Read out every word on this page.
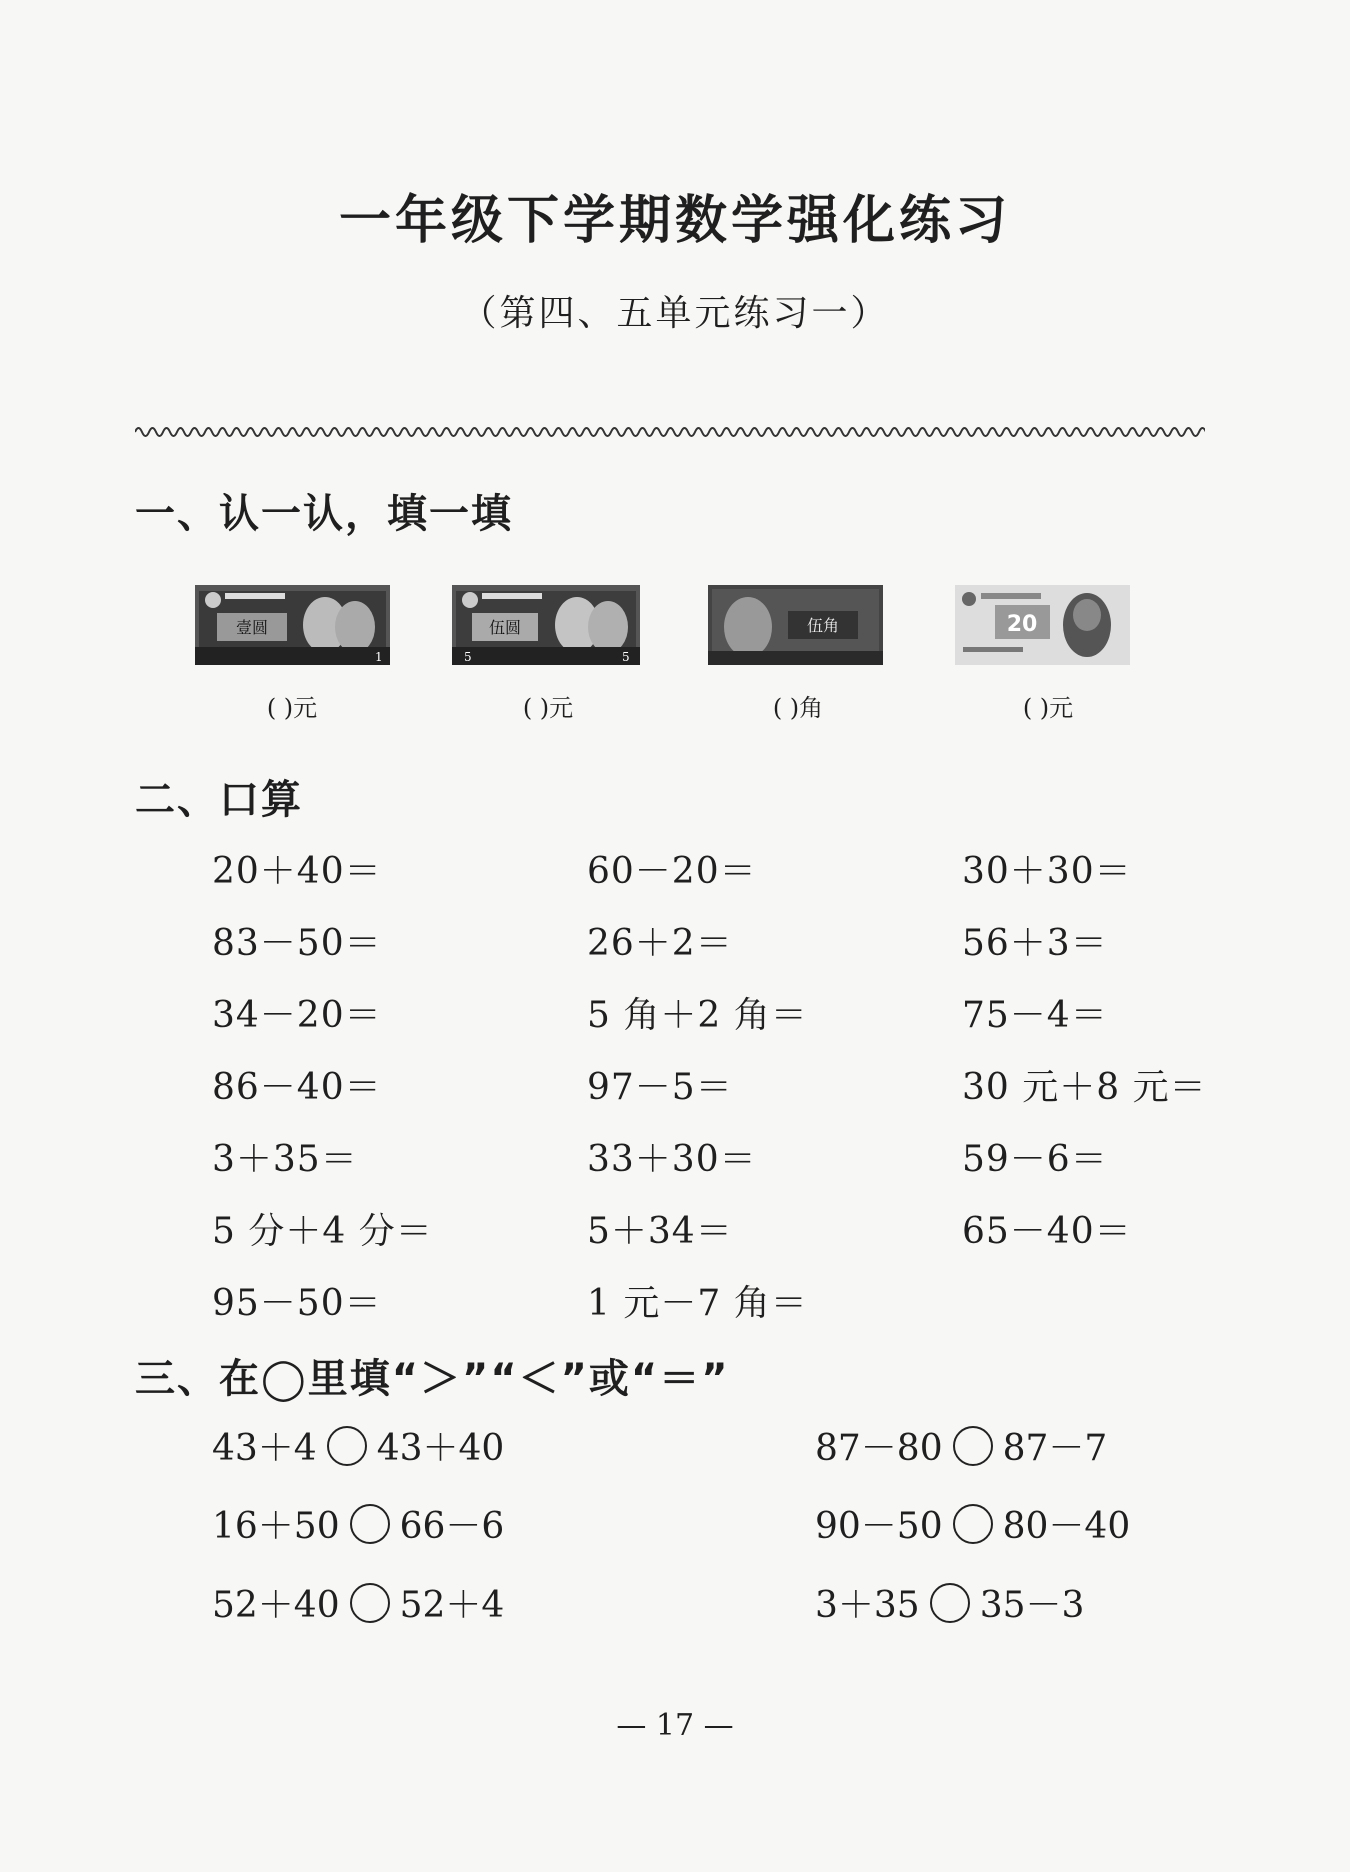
一年级下学期数学强化练习
（第四、五单元练习一）
一、认一认，填一填
壹圆
1
伍圆
5	5
伍角	20
( )元	( )元	( )角	( )元
二、口算
20＋40＝	60－20＝	30＋30＝
83－50＝	26＋2＝	56＋3＝
34－20＝	5 角＋2 角＝	75－4＝
86－40＝	97－5＝	30 元＋8 元＝
3＋35＝	33＋30＝	59－6＝
5 分＋4 分＝	5＋34＝	65－40＝
95－50＝	1 元－7 角＝
三、在◯里填“＞”“＜”或“＝”
43＋4 43＋40	87－80 87－7
16＋50 66－6	90－50 80－40
52＋40 52＋4	3＋35 35－3
— 17 —
